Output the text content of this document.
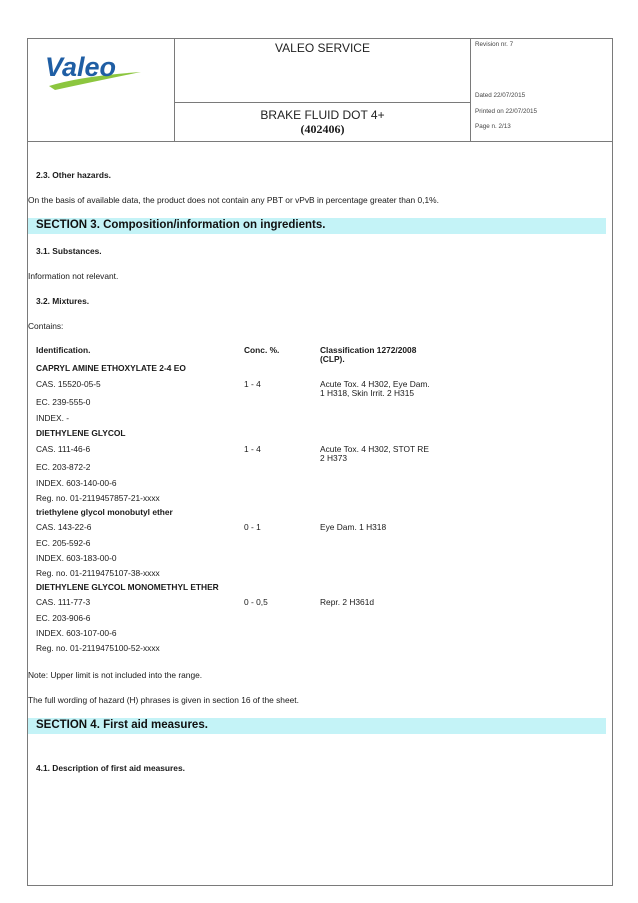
Valeo
VALEO SERVICE
BRAKE FLUID DOT 4+
(402406)
Revision nr. 7
Dated 22/07/2015
Printed on 22/07/2015
Page n. 2/13
2.3. Other hazards.
On the basis of available data, the product does not contain any PBT or vPvB in percentage greater than 0,1%.
SECTION 3. Composition/information on ingredients.
3.1. Substances.
Information not relevant.
3.2. Mixtures.
Contains:
Identification.	Conc. %.	Classification 1272/2008
(CLP).
CAPRYL AMINE ETHOXYLATE 2-4 EO
CAS. 15520-05-5	1 - 4	Acute Tox. 4 H302, Eye Dam.
1 H318, Skin Irrit. 2 H315
EC. 239-555-0
INDEX. -
DIETHYLENE GLYCOL
CAS. 111-46-6	1 - 4	Acute Tox. 4 H302, STOT RE
2 H373
EC. 203-872-2
INDEX. 603-140-00-6
Reg. no. 01-2119457857-21-xxxx
triethylene glycol monobutyl ether
CAS. 143-22-6	0 - 1	Eye Dam. 1 H318
EC. 205-592-6
INDEX. 603-183-00-0
Reg. no. 01-2119475107-38-xxxx
DIETHYLENE GLYCOL MONOMETHYL ETHER
CAS. 111-77-3	0 - 0,5	Repr. 2 H361d
EC. 203-906-6
INDEX. 603-107-00-6
Reg. no. 01-2119475100-52-xxxx
Note: Upper limit is not included into the range.
The full wording of hazard (H) phrases is given in section 16 of the sheet.
SECTION 4. First aid measures.
4.1. Description of first aid measures.
